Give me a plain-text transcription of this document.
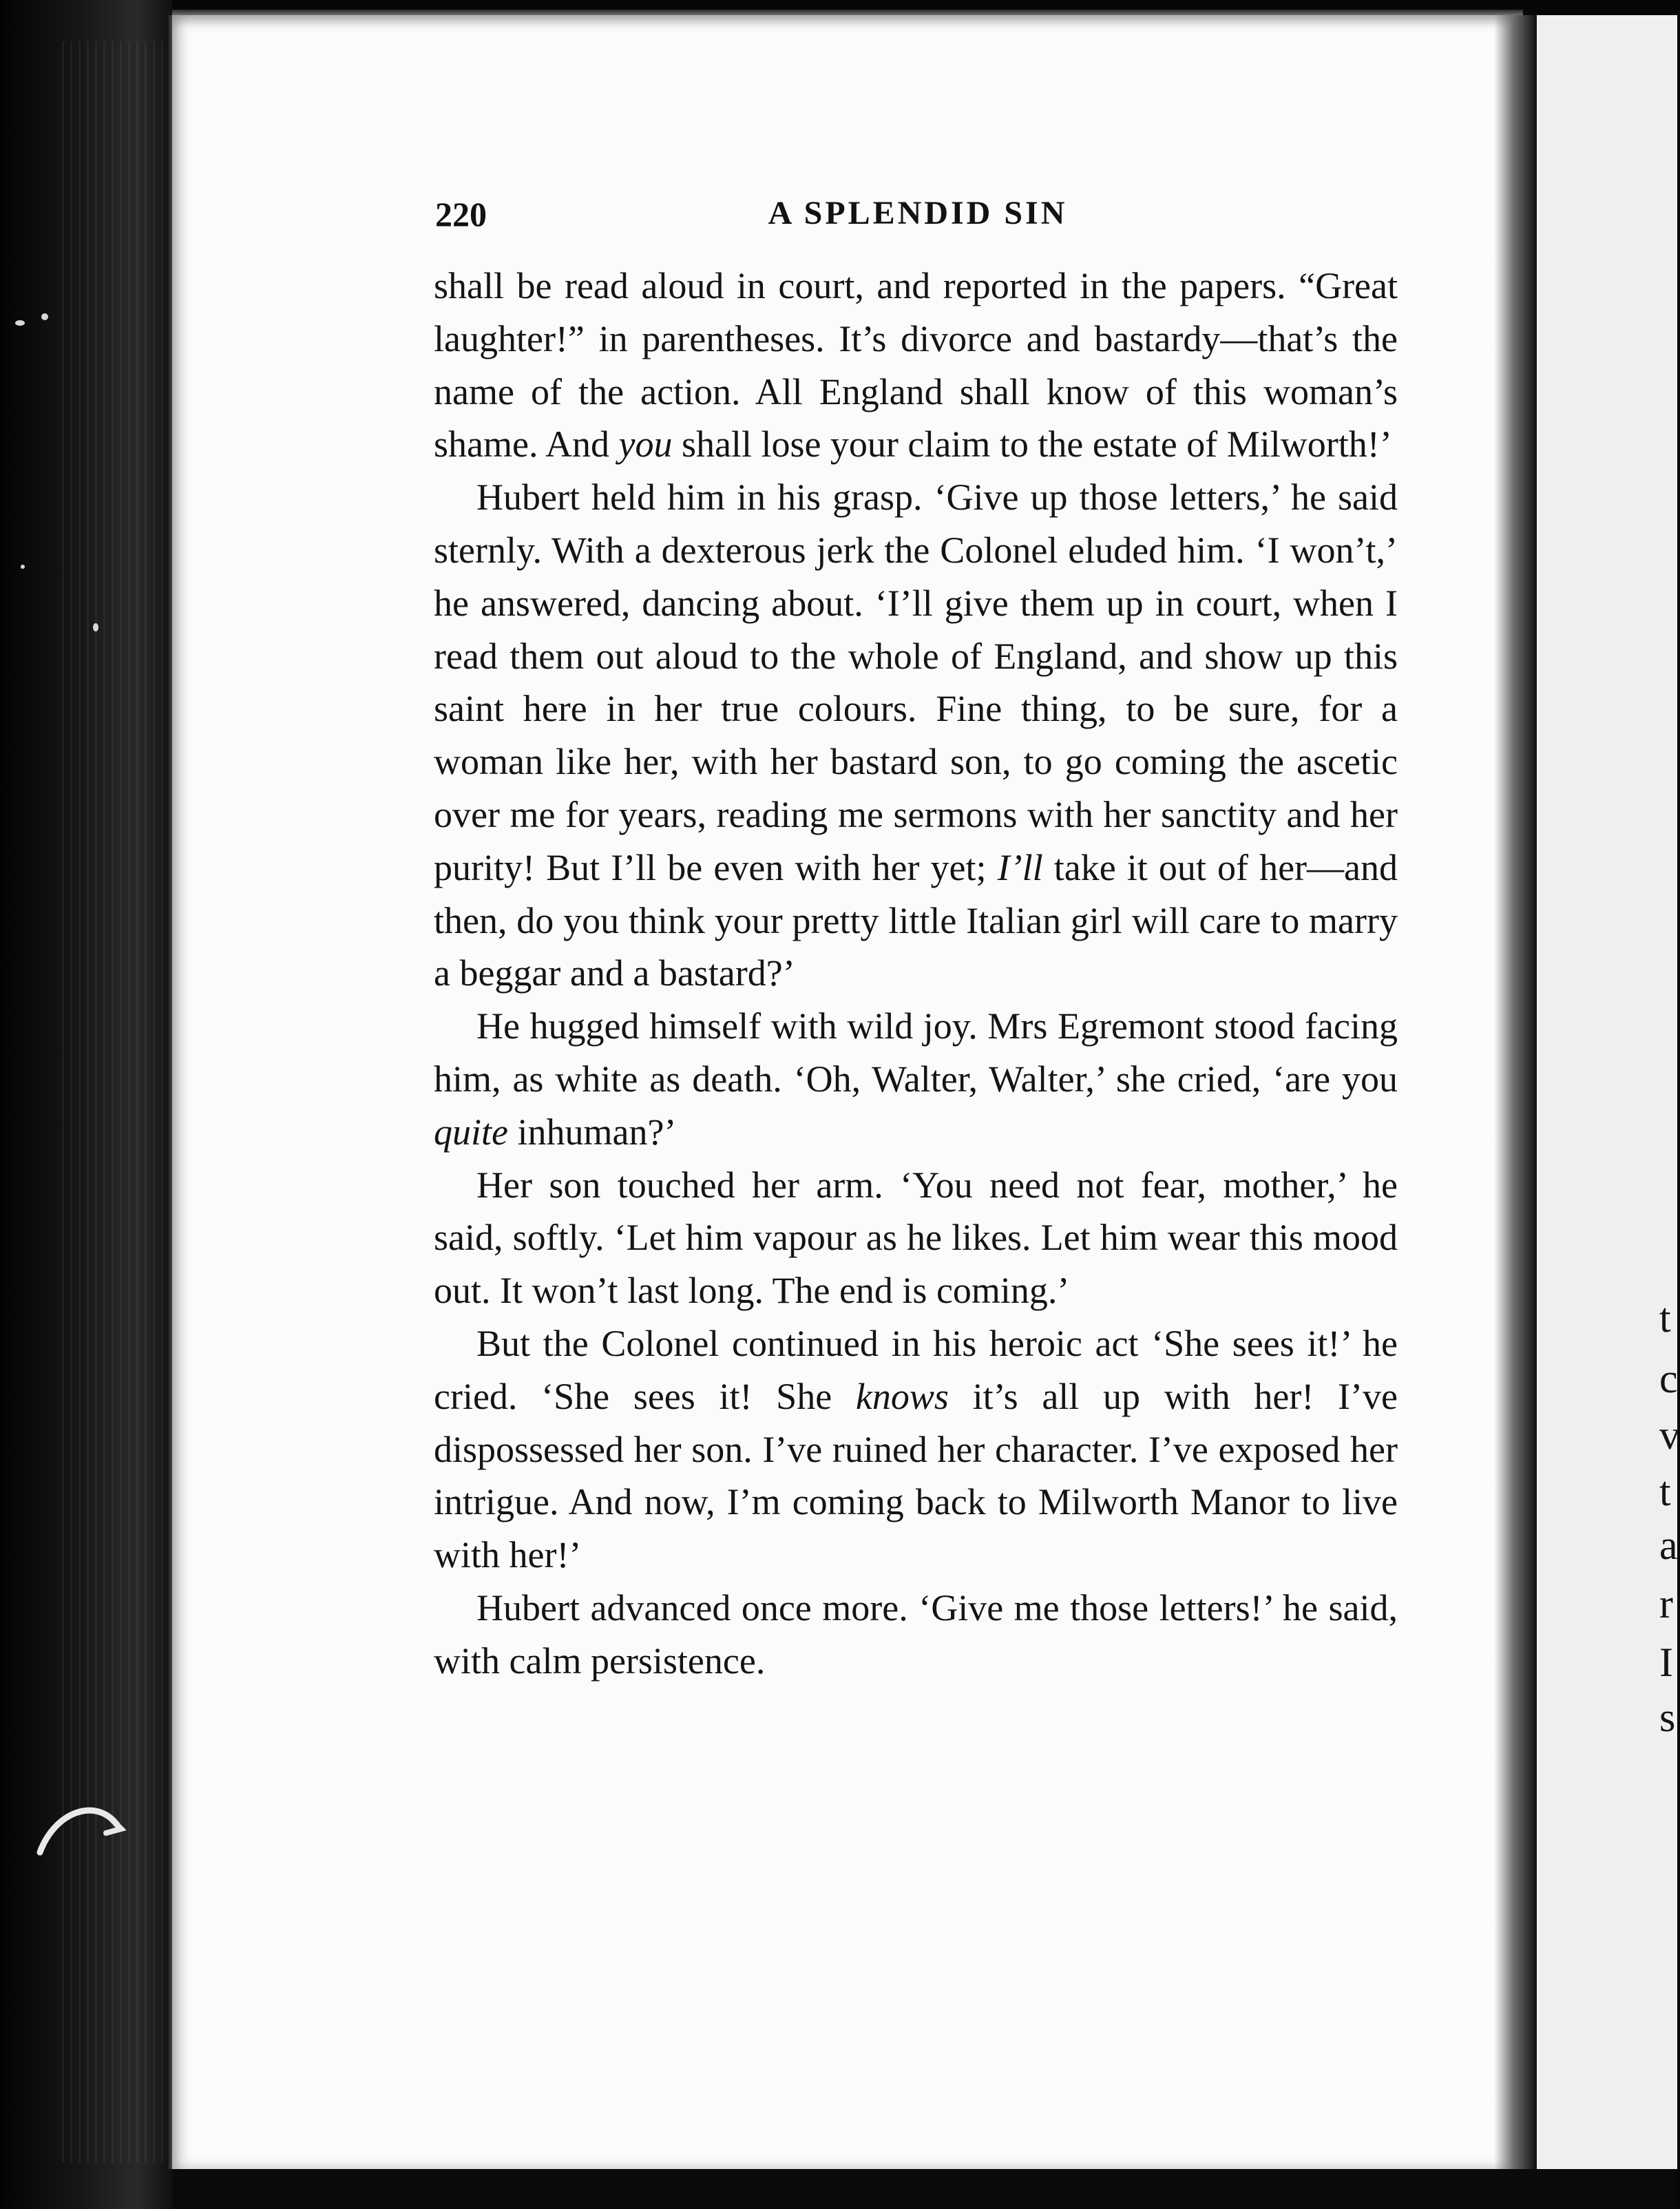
t
c
v
t
a
r
I
s
220	A SPLENDID SIN

shall be read aloud in court, and reported in the papers. “Great laughter!” in parentheses. It’s divorce and bastardy—that’s the name of the action. All England shall know of this woman’s shame. And you shall lose your claim to the estate of Milworth!’

Hubert held him in his grasp. ‘Give up those letters,’ he said sternly. With a dexterous jerk the Colonel eluded him. ‘I won’t,’ he answered, dancing about. ‘I’ll give them up in court, when I read them out aloud to the whole of England, and show up this saint here in her true colours. Fine thing, to be sure, for a woman like her, with her bastard son, to go coming the ascetic over me for years, reading me sermons with her sanctity and her purity! But I’ll be even with her yet; I’ll take it out of her—and then, do you think your pretty little Italian girl will care to marry a beggar and a bastard?’

He hugged himself with wild joy. Mrs Egremont stood facing him, as white as death. ‘Oh, Walter, Walter,’ she cried, ‘are you quite inhuman?’

Her son touched her arm. ‘You need not fear, mother,’ he said, softly. ‘Let him vapour as he likes. Let him wear this mood out. It won’t last long. The end is coming.’

But the Colonel continued in his heroic act ‘She sees it!’ he cried. ‘She sees it! She knows it’s all up with her! I’ve dispossessed her son. I’ve ruined her character. I’ve exposed her intrigue. And now, I’m coming back to Milworth Manor to live with her!’

Hubert advanced once more. ‘Give me those letters!’ he said, with calm persistence.
